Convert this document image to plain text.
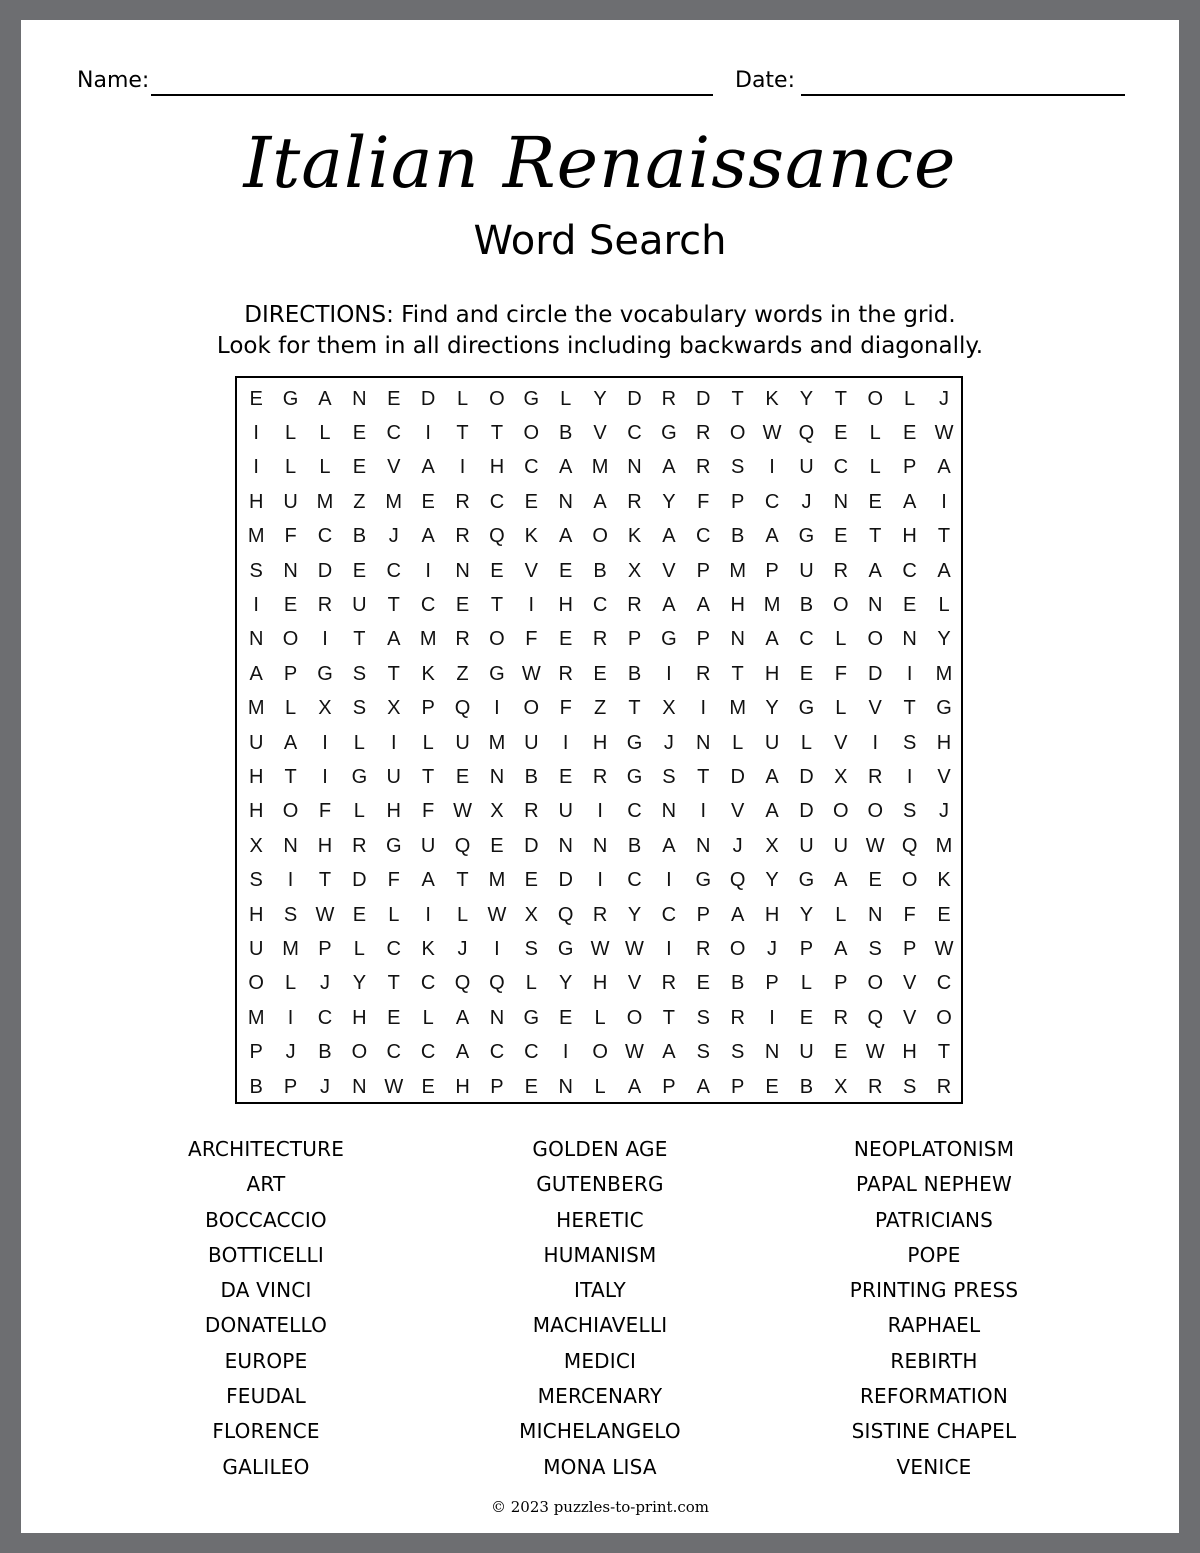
Name:	Date:
Italian Renaissance
Word Search
DIRECTIONS: Find and circle the vocabulary words in the grid.
Look for them in all directions including backwards and diagonally.
E G A	N	E	D	L	O G	L	Y	D R D	T	K	Y	T	O	L	J
I	L	L	E	C	I	T	T	O B	V	C G R O W Q E	L	E W
I	L	L	E	V	A	I	H C	A M N	A	R	S	I	U C	L	P	A
H U M Z M E	R C	E	N	A	R	Y	F	P	C	J	N	E	A	I
M F	C	B	J	A	R Q K	A O K	A	C	B	A G E	T	H	T
S	N D	E	C	I	N	E	V	E	B	X	V	P M P	U R	A	C	A
I	E	R U	T	C	E	T	I	H C R	A	A	H M B O N	E	L
N O	I	T	A M R O	F	E	R	P G P	N	A	C	L	O N	Y
A	P G S	T	K	Z	G W R	E	B	I	R	T	H	E	F	D	I	M
M	L	X	S	X	P Q	I	O	F	Z	T	X	I	M Y G	L	V	T	G
U	A	I	L	I	L	U M U	I	H G	J	N	L	U	L	V	I	S	H
H	T	I	G U	T	E	N	B	E	R G S	T	D	A	D	X	R	I	V
H O	F	L	H	F W X	R U	I	C N	I	V	A	D O O S	J
X	N H R G U Q E	D N N	B	A	N	J	X	U U W Q M
S	I	T	D	F	A	T M E	D	I	C	I	G Q Y G A	E O K
H	S W E	L	I	L W X Q R	Y	C	P	A	H	Y	L	N	F	E
U M P	L	C	K	J	I	S G W W	I	R O	J	P	A	S	P W
O	L	J	Y	T	C Q Q	L	Y	H	V	R	E	B	P	L	P O V	C
M	I	C H	E	L	A	N G E	L	O	T	S	R	I	E	R Q V O
P	J	B O C C	A	C C	I	O W A	S	S	N U	E W H	T
B	P	J	N W E	H	P	E	N	L	A	P	A	P	E	B	X	R	S	R
ARCHITECTURE
ART
BOCCACCIO
BOTTICELLI
DA VINCI
DONATELLO
EUROPE
FEUDAL
FLORENCE
GALILEO
GOLDEN AGE
GUTENBERG
HERETIC
HUMANISM
ITALY
MACHIAVELLI
MEDICI
MERCENARY
MICHELANGELO
MONA LISA
NEOPLATONISM
PAPAL NEPHEW
PATRICIANS
POPE
PRINTING PRESS
RAPHAEL
REBIRTH
REFORMATION
SISTINE CHAPEL
VENICE
© 2023 puzzles-to-print.com
